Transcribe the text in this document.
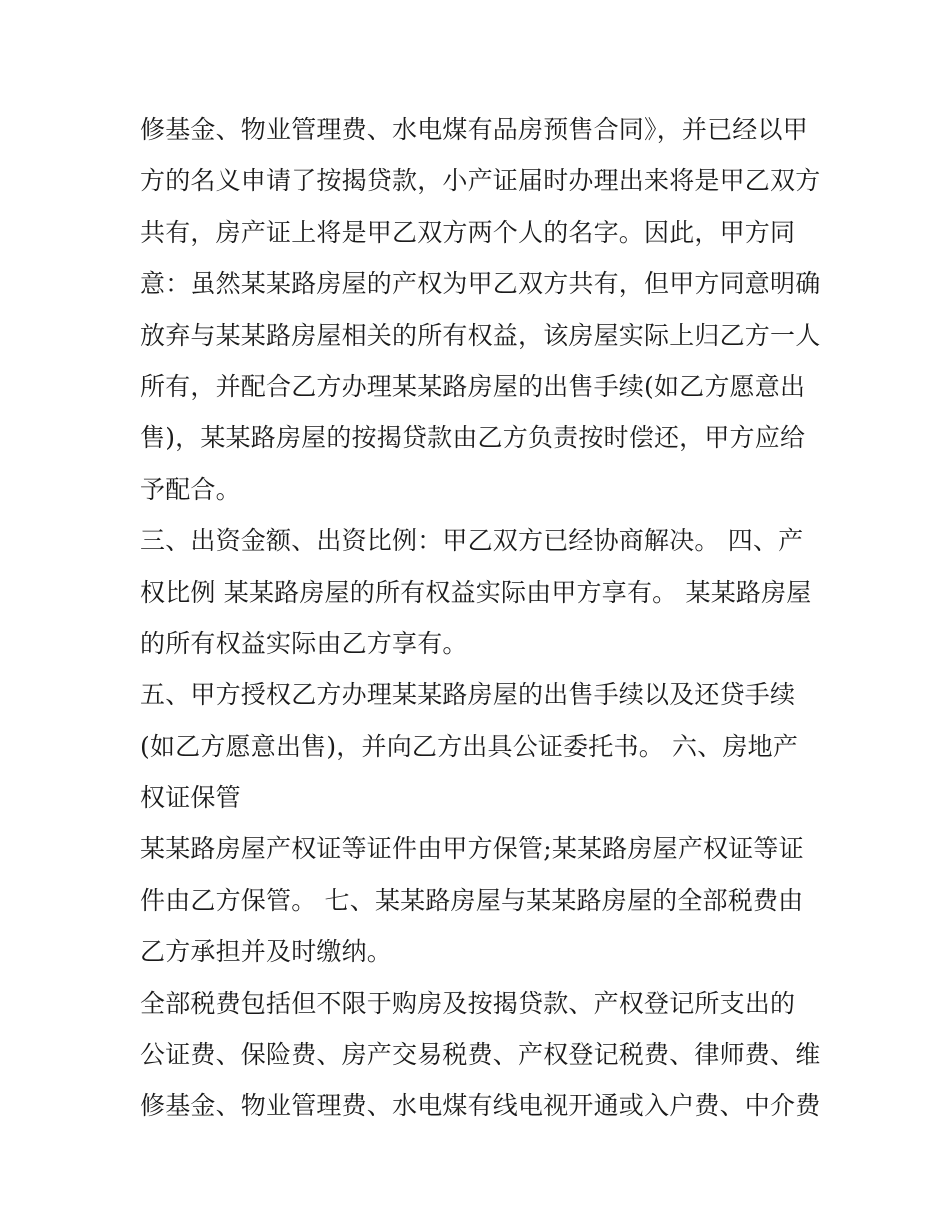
修基金、物业管理费、水电煤有品房预售合同》，并已经以甲
方的名义申请了按揭贷款，小产证届时办理出来将是甲乙双方
共有，房产证上将是甲乙双方两个人的名字。因此，甲方同
意：虽然某某路房屋的产权为甲乙双方共有，但甲方同意明确
放弃与某某路房屋相关的所有权益，该房屋实际上归乙方一人
所有，并配合乙方办理某某路房屋的出售手续(如乙方愿意出
售)，某某路房屋的按揭贷款由乙方负责按时偿还，甲方应给
予配合。
三、出资金额、出资比例：甲乙双方已经协商解决。 四、产
权比例 某某路房屋的所有权益实际由甲方享有。 某某路房屋
的所有权益实际由乙方享有。
五、甲方授权乙方办理某某路房屋的出售手续以及还贷手续
(如乙方愿意出售)，并向乙方出具公证委托书。 六、房地产
权证保管
某某路房屋产权证等证件由甲方保管;某某路房屋产权证等证
件由乙方保管。 七、某某路房屋与某某路房屋的全部税费由
乙方承担并及时缴纳。
全部税费包括但不限于购房及按揭贷款、产权登记所支出的
公证费、保险费、房产交易税费、产权登记税费、律师费、维
修基金、物业管理费、水电煤有线电视开通或入户费、中介费
